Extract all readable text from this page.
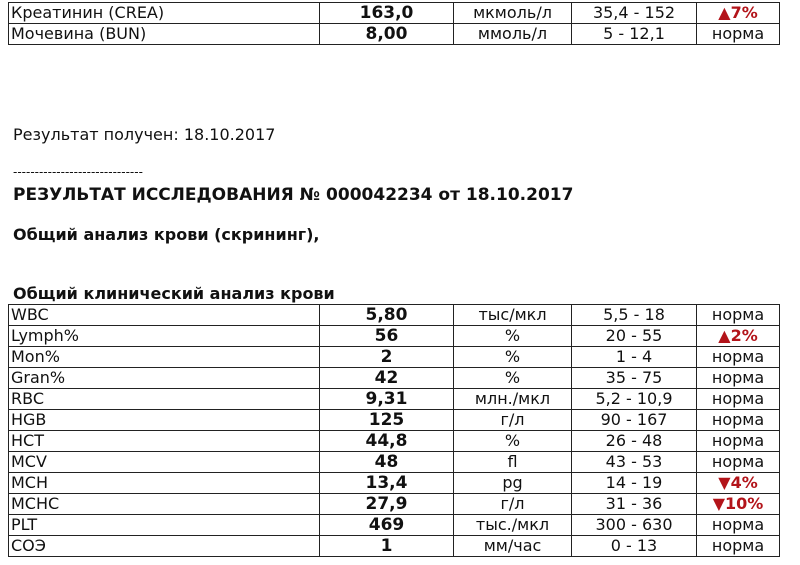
Креатинин (CREA)	163,0	мкмоль/л	35,4 - 152	▲7%
Мочевина (BUN)	8,00	ммоль/л	5 - 12,1	норма
Результат получен: 18.10.2017
------------------------------
РЕЗУЛЬТАТ ИССЛЕДОВАНИЯ № 000042234 от 18.10.2017
Общий анализ крови (скрининг),
Общий клинический анализ крови
WBC	5,80	тыс/мкл	5,5 - 18	норма
Lymph%	56	%	20 - 55	▲2%
Mon%	2	%	1 - 4	норма
Gran%	42	%	35 - 75	норма
RBC	9,31	млн./мкл	5,2 - 10,9	норма
HGB	125	г/л	90 - 167	норма
HCT	44,8	%	26 - 48	норма
MCV	48	fl	43 - 53	норма
MCH	13,4	pg	14 - 19	▼4%
MCHC	27,9	г/л	31 - 36	▼10%
PLT	469	тыс./мкл	300 - 630	норма
СОЭ	1	мм/час	0 - 13	норма
